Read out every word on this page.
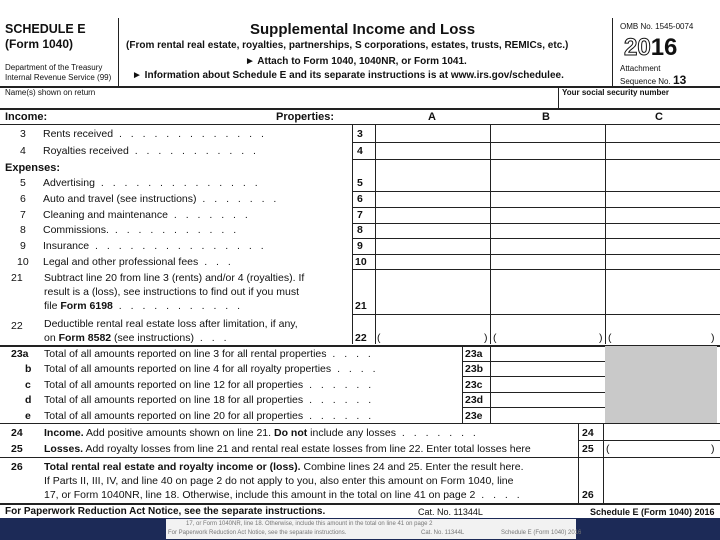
SCHEDULE E
(Form 1040)
Department of the Treasury
Internal Revenue Service (99)
Supplemental Income and Loss
(From rental real estate, royalties, partnerships, S corporations, estates, trusts, REMICs, etc.)
► Attach to Form 1040, 1040NR, or Form 1041.
► Information about Schedule E and its separate instructions is at www.irs.gov/schedulee.
OMB No. 1545-0074
2016
Attachment
Sequence No. 13
Name(s) shown on return	Your social security number
Income:	Properties:	A	B	C
3 Rents received . . . . . . . . . . . . .	3
4 Royalties received . . . . . . . . . . .	4
Expenses:
5 Advertising . . . . . . . . . . . . . .	5
6 Auto and travel (see instructions) . . . . . . .	6
7 Cleaning and maintenance . . . . . . .	7
8 Commissions. . . . . . . . . . . .	8
9 Insurance . . . . . . . . . . . . . . .	9
10 Legal and other professional fees . . .	10
21 Subtract line 20 from line 3 (rents) and/or 4 (royalties). If
result is a (loss), see instructions to find out if you must
file Form 6198 . . . . . . . . . . .	21
22 Deductible rental real estate loss after limitation, if any,
on Form 8582 (see instructions) . . .	22 (	) (	) (	)
23a Total of all amounts reported on line 3 for all rental properties . . . .	23a
b Total of all amounts reported on line 4 for all royalty properties . . . .	23b
c Total of all amounts reported on line 12 for all properties . . . . . .	23c
d Total of all amounts reported on line 18 for all properties . . . . . .	23d
e Total of all amounts reported on line 20 for all properties . . . . . .	23e
24 Income. Add positive amounts shown on line 21. Do not include any losses . . . . . . .	24
25 Losses. Add royalty losses from line 21 and rental real estate losses from line 22. Enter total losses here	25 (	)
26 Total rental real estate and royalty income or (loss). Combine lines 24 and 25. Enter the result here.
If Parts II, III, IV, and line 40 on page 2 do not apply to you, also enter this amount on Form 1040, line
17, or Form 1040NR, line 18. Otherwise, include this amount in the total on line 41 on page 2 . . . .	26
For Paperwork Reduction Act Notice, see the separate instructions.	Cat. No. 11344L	Schedule E (Form 1040) 2016
17, or Form 1040NR, line 18. Otherwise, include this amount in the total on line 41 on page 2
For Paperwork Reduction Act Notice, see the separate instructions.	Cat. No. 11344L	Schedule E (Form 1040) 2016
